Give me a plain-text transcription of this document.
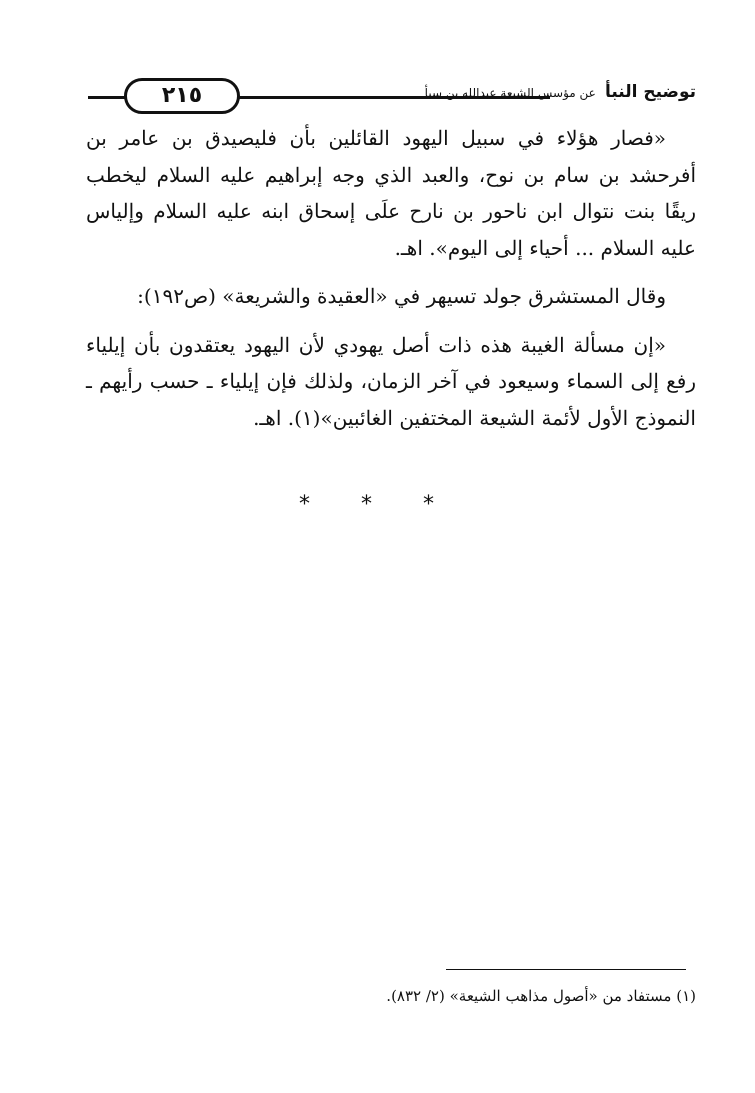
٢١٥	توضيح النبأ عن مؤسس الشيعة عبدالله بن سبأ

«فصار هؤلاء في سبيل اليهود القائلين بأن فليصيدق بن عامر بن أفرحشد بن سام بن نوح، والعبد الذي وجه إبراهيم عليه السلام ليخطب ريقًا بنت نتوال ابن ناحور بن نارح علَى إسحاق ابنه عليه السلام وإلياس عليه السلام ... أحياء إلى اليوم». اهـ.

وقال المستشرق جولد تسيهر في «العقيدة والشريعة» (ص١٩٢):

«إن مسألة الغيبة هذه ذات أصل يهودي لأن اليهود يعتقدون بأن إيلياء رفع إلى السماء وسيعود في آخر الزمان، ولذلك فإن إيلياء ـ حسب رأيهم ـ النموذج الأول لأئمة الشيعة المختفين الغائبين»(١). اهـ.

* * *
(١) مستفاد من «أصول مذاهب الشيعة» (٢/ ٨٣٢).
